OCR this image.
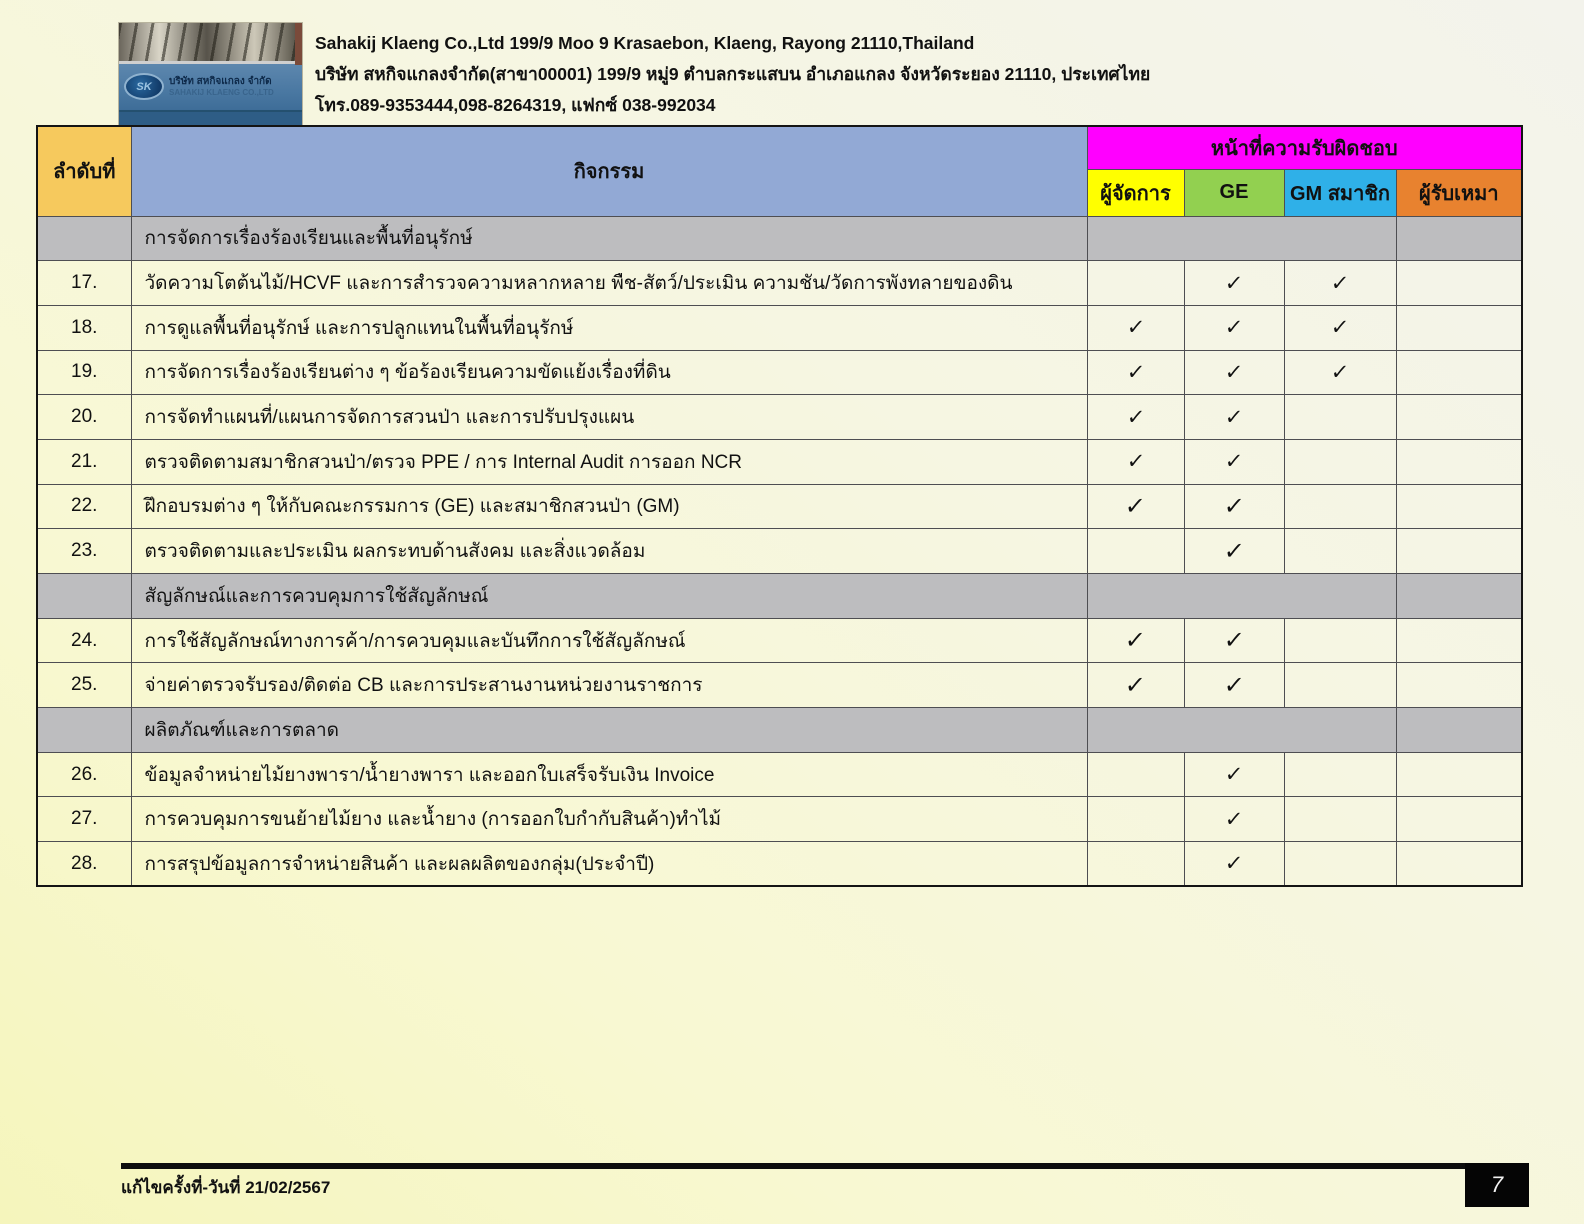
SK	บริษัท สหกิจแกลง จำกัด
SAHAKIJ KLAENG CO.,LTD
Sahakij Klaeng Co.,Ltd 199/9 Moo 9 Krasaebon, Klaeng, Rayong 21110,Thailand
บริษัท สหกิจแกลงจำกัด(สาขา00001) 199/9 หมู่9 ตำบลกระแสบน อำเภอแกลง จังหวัดระยอง 21110, ประเทศไทย
โทร.089-9353444,098-8264319, แฟกซ์ 038-992034
ลำดับที่	กิจกรรม	หน้าที่ความรับผิดชอบ			
		ผู้จัดการ	GE	GM สมาชิก	ผู้รับเหมา
	การจัดการเรื่องร้องเรียนและพื้นที่อนุรักษ์				
17.	วัดความโตต้นไม้/HCVF และการสำรวจความหลากหลาย พืช-สัตว์/ประเมิน ความชัน/วัดการพังทลายของดิน		✓	✓	
18.	การดูแลพื้นที่อนุรักษ์ และการปลูกแทนในพื้นที่อนุรักษ์	✓	✓	✓	
19.	การจัดการเรื่องร้องเรียนต่าง ๆ ข้อร้องเรียนความขัดแย้งเรื่องที่ดิน	✓	✓	✓	
20.	การจัดทำแผนที่/แผนการจัดการสวนป่า และการปรับปรุงแผน	✓	✓		
21.	ตรวจติดตามสมาชิกสวนป่า/ตรวจ PPE / การ Internal Audit การออก NCR	✓	✓		
22.	ฝึกอบรมต่าง ๆ ให้กับคณะกรรมการ (GE) และสมาชิกสวนป่า (GM)	✓	✓		
23.	ตรวจติดตามและประเมิน ผลกระทบด้านสังคม และสิ่งแวดล้อม		✓		
	สัญลักษณ์และการควบคุมการใช้สัญลักษณ์				
24.	การใช้สัญลักษณ์ทางการค้า/การควบคุมและบันทึกการใช้สัญลักษณ์	✓	✓		
25.	จ่ายค่าตรวจรับรอง/ติดต่อ CB และการประสานงานหน่วยงานราชการ	✓	✓		
	ผลิตภัณฑ์และการตลาด				
26.	ข้อมูลจำหน่ายไม้ยางพารา/น้ำยางพารา และออกใบเสร็จรับเงิน Invoice		✓		
27.	การควบคุมการขนย้ายไม้ยาง และน้ำยาง (การออกใบกำกับสินค้า)ทำไม้		✓		
28.	การสรุปข้อมูลการจำหน่ายสินค้า และผลผลิตของกลุ่ม(ประจำปี)		✓		
แก้ไขครั้งที่-วันที่ 21/02/2567	7
